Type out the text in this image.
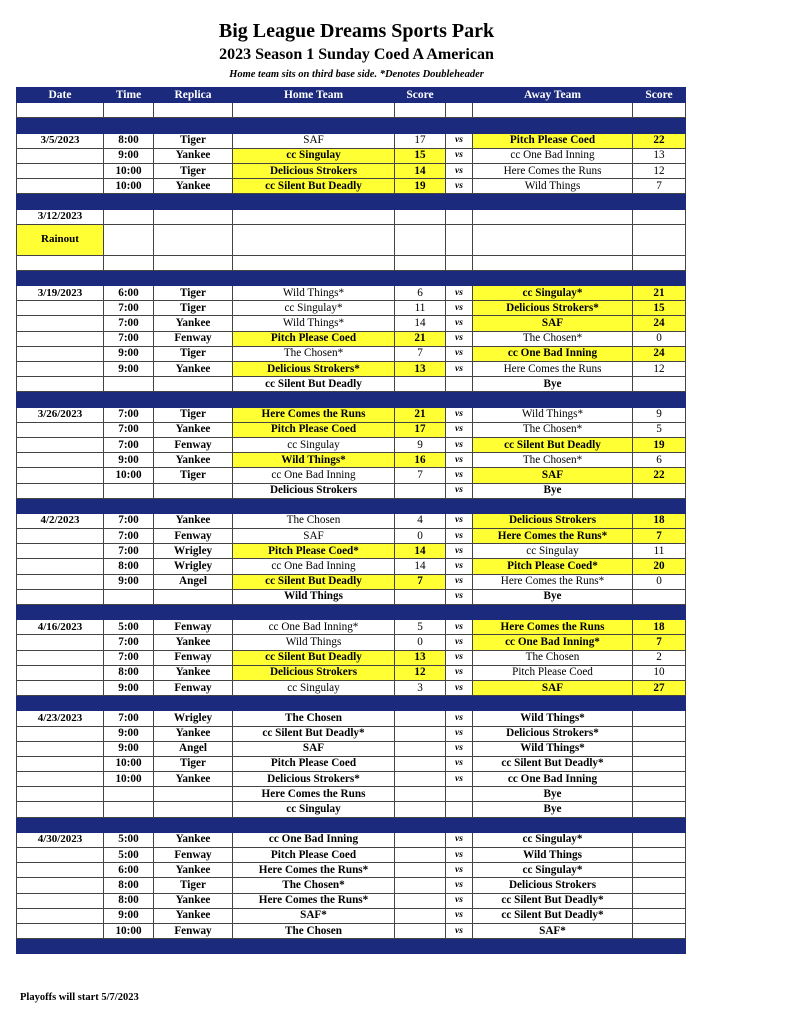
Big League Dreams Sports Park
2023 Season 1 Sunday Coed A American
Home team sits on third base side. *Denotes Doubleheader
Date	Time	Replica	Home Team	Score		Away Team	Score

3/5/2023	8:00	Tiger	SAF	17	vs	Pitch Please Coed	22
	9:00	Yankee	cc Singulay	15	vs	cc One Bad Inning	13
	10:00	Tiger	Delicious Strokers	14	vs	Here Comes the Runs	12
	10:00	Yankee	cc Silent But Deadly	19	vs	Wild Things	7

3/12/2023							
Rainout							

3/19/2023	6:00	Tiger	Wild Things*	6	vs	cc Singulay*	21
	7:00	Tiger	cc Singulay*	11	vs	Delicious Strokers*	15
	7:00	Yankee	Wild Things*	14	vs	SAF	24
	7:00	Fenway	Pitch Please Coed	21	vs	The Chosen*	0
	9:00	Tiger	The Chosen*	7	vs	cc One Bad Inning	24
	9:00	Yankee	Delicious Strokers*	13	vs	Here Comes the Runs	12
			cc Silent But Deadly			Bye	

3/26/2023	7:00	Tiger	Here Comes the Runs	21	vs	Wild Things*	9
	7:00	Yankee	Pitch Please Coed	17	vs	The Chosen*	5
	7:00	Fenway	cc Singulay	9	vs	cc Silent But Deadly	19
	9:00	Yankee	Wild Things*	16	vs	The Chosen*	6
	10:00	Tiger	cc One Bad Inning	7	vs	SAF	22
			Delicious Strokers		vs	Bye	

4/2/2023	7:00	Yankee	The Chosen	4	vs	Delicious Strokers	18
	7:00	Fenway	SAF	0	vs	Here Comes the Runs*	7
	7:00	Wrigley	Pitch Please Coed*	14	vs	cc Singulay	11
	8:00	Wrigley	cc One Bad Inning	14	vs	Pitch Please Coed*	20
	9:00	Angel	cc Silent But Deadly	7	vs	Here Comes the Runs*	0
			Wild Things		vs	Bye	

4/16/2023	5:00	Fenway	cc One Bad Inning*	5	vs	Here Comes the Runs	18
	7:00	Yankee	Wild Things	0	vs	cc One Bad Inning*	7
	7:00	Fenway	cc Silent But Deadly	13	vs	The Chosen	2
	8:00	Yankee	Delicious Strokers	12	vs	Pitch Please Coed	10
	9:00	Fenway	cc Singulay	3	vs	SAF	27

4/23/2023	7:00	Wrigley	The Chosen		vs	Wild Things*	
	9:00	Yankee	cc Silent But Deadly*		vs	Delicious Strokers*	
	9:00	Angel	SAF		vs	Wild Things*	
	10:00	Tiger	Pitch Please Coed		vs	cc Silent But Deadly*	
	10:00	Yankee	Delicious Strokers*		vs	cc One Bad Inning	
			Here Comes the Runs			Bye	
			cc Singulay			Bye	

4/30/2023	5:00	Yankee	cc One Bad Inning		vs	cc Singulay*	
	5:00	Fenway	Pitch Please Coed		vs	Wild Things	
	6:00	Yankee	Here Comes the Runs*		vs	cc Singulay*	
	8:00	Tiger	The Chosen*		vs	Delicious Strokers	
	8:00	Yankee	Here Comes the Runs*		vs	cc Silent But Deadly*	
	9:00	Yankee	SAF*		vs	cc Silent But Deadly*	
	10:00	Fenway	The Chosen		vs	SAF*	

Playoffs will start 5/7/2023
